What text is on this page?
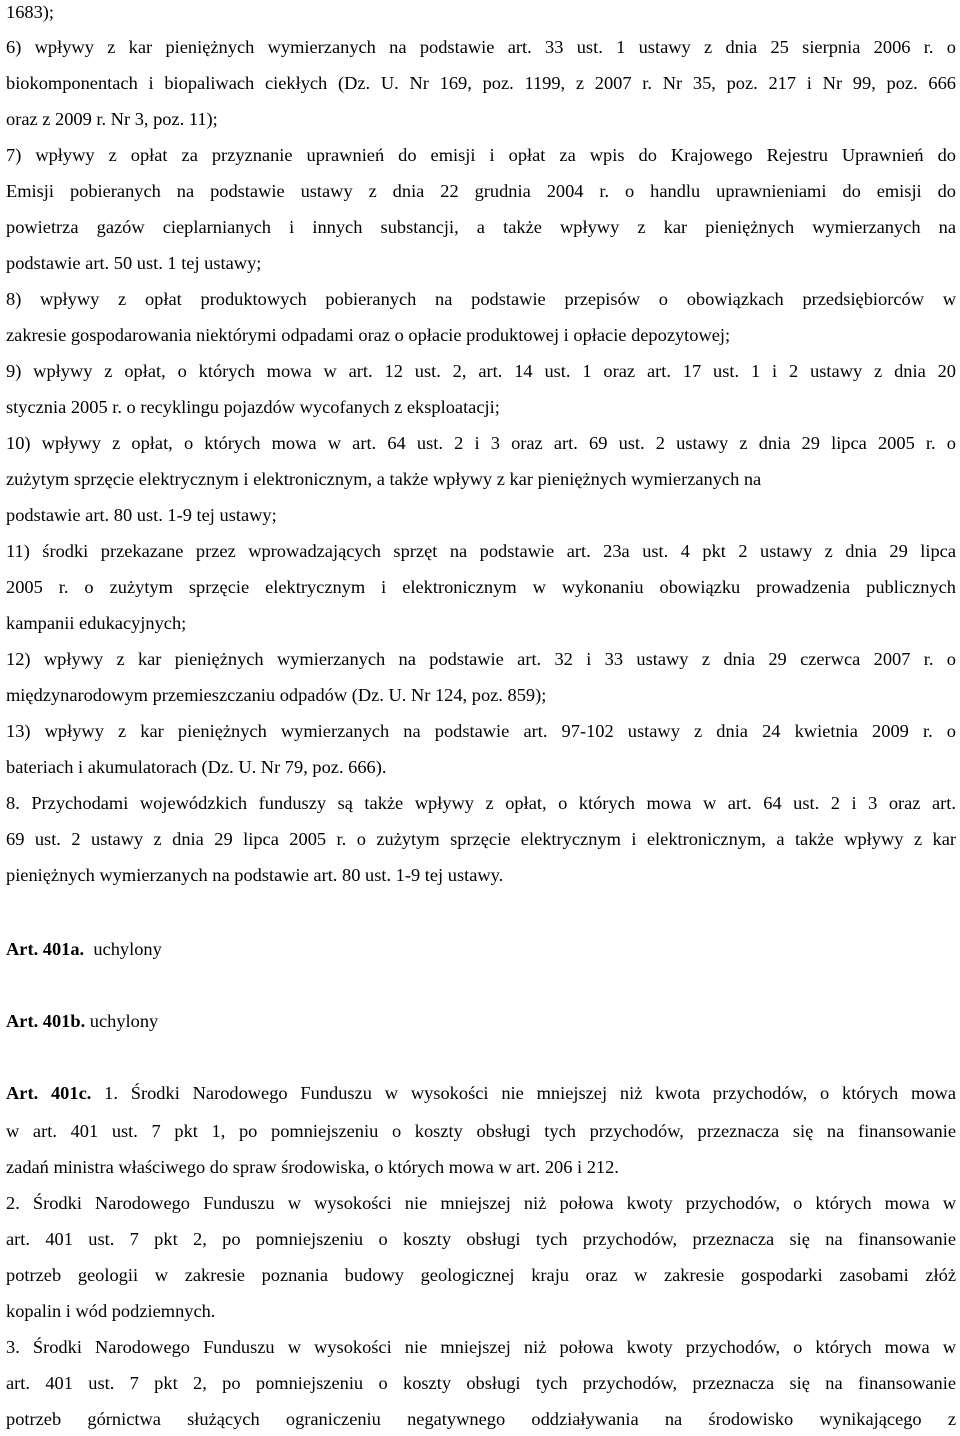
1683);
6) wpływy z kar pieniężnych wymierzanych na podstawie art. 33 ust. 1 ustawy z dnia 25 sierpnia 2006 r. o
biokomponentach i biopaliwach ciekłych (Dz. U. Nr 169, poz. 1199, z 2007 r. Nr 35, poz. 217 i Nr 99, poz. 666
oraz z 2009 r. Nr 3, poz. 11);
7) wpływy z opłat za przyznanie uprawnień do emisji i opłat za wpis do Krajowego Rejestru Uprawnień do
Emisji pobieranych na podstawie ustawy z dnia 22 grudnia 2004 r. o handlu uprawnieniami do emisji do
powietrza gazów cieplarnianych i innych substancji, a także wpływy z kar pieniężnych wymierzanych na
podstawie art. 50 ust. 1 tej ustawy;
8) wpływy z opłat produktowych pobieranych na podstawie przepisów o obowiązkach przedsiębiorców w
zakresie gospodarowania niektórymi odpadami oraz o opłacie produktowej i opłacie depozytowej;
9) wpływy z opłat, o których mowa w art. 12 ust. 2, art. 14 ust. 1 oraz art. 17 ust. 1 i 2 ustawy z dnia 20
stycznia 2005 r. o recyklingu pojazdów wycofanych z eksploatacji;
10) wpływy z opłat, o których mowa w art. 64 ust. 2 i 3 oraz art. 69 ust. 2 ustawy z dnia 29 lipca 2005 r. o
zużytym sprzęcie elektrycznym i elektronicznym, a także wpływy z kar pieniężnych wymierzanych na
podstawie art. 80 ust. 1-9 tej ustawy;
11) środki przekazane przez wprowadzających sprzęt na podstawie art. 23a ust. 4 pkt 2 ustawy z dnia 29 lipca
2005 r. o zużytym sprzęcie elektrycznym i elektronicznym w wykonaniu obowiązku prowadzenia publicznych
kampanii edukacyjnych;
12) wpływy z kar pieniężnych wymierzanych na podstawie art. 32 i 33 ustawy z dnia 29 czerwca 2007 r. o
międzynarodowym przemieszczaniu odpadów (Dz. U. Nr 124, poz. 859);
13) wpływy z kar pieniężnych wymierzanych na podstawie art. 97-102 ustawy z dnia 24 kwietnia 2009 r. o
bateriach i akumulatorach (Dz. U. Nr 79, poz. 666).
8. Przychodami wojewódzkich funduszy są także wpływy z opłat, o których mowa w art. 64 ust. 2 i 3 oraz art.
69 ust. 2 ustawy z dnia 29 lipca 2005 r. o zużytym sprzęcie elektrycznym i elektronicznym, a także wpływy z kar
pieniężnych wymierzanych na podstawie art. 80 ust. 1-9 tej ustawy.
Art. 401a. uchylony
Art. 401b. uchylony
Art. 401c. 1. Środki Narodowego Funduszu w wysokości nie mniejszej niż kwota przychodów, o których mowa
w art. 401 ust. 7 pkt 1, po pomniejszeniu o koszty obsługi tych przychodów, przeznacza się na finansowanie
zadań ministra właściwego do spraw środowiska, o których mowa w art. 206 i 212.
2. Środki Narodowego Funduszu w wysokości nie mniejszej niż połowa kwoty przychodów, o których mowa w
art. 401 ust. 7 pkt 2, po pomniejszeniu o koszty obsługi tych przychodów, przeznacza się na finansowanie
potrzeb geologii w zakresie poznania budowy geologicznej kraju oraz w zakresie gospodarki zasobami złóż
kopalin i wód podziemnych.
3. Środki Narodowego Funduszu w wysokości nie mniejszej niż połowa kwoty przychodów, o których mowa w
art. 401 ust. 7 pkt 2, po pomniejszeniu o koszty obsługi tych przychodów, przeznacza się na finansowanie
potrzeb górnictwa służących ograniczeniu negatywnego oddziaływania na środowisko wynikającego z
